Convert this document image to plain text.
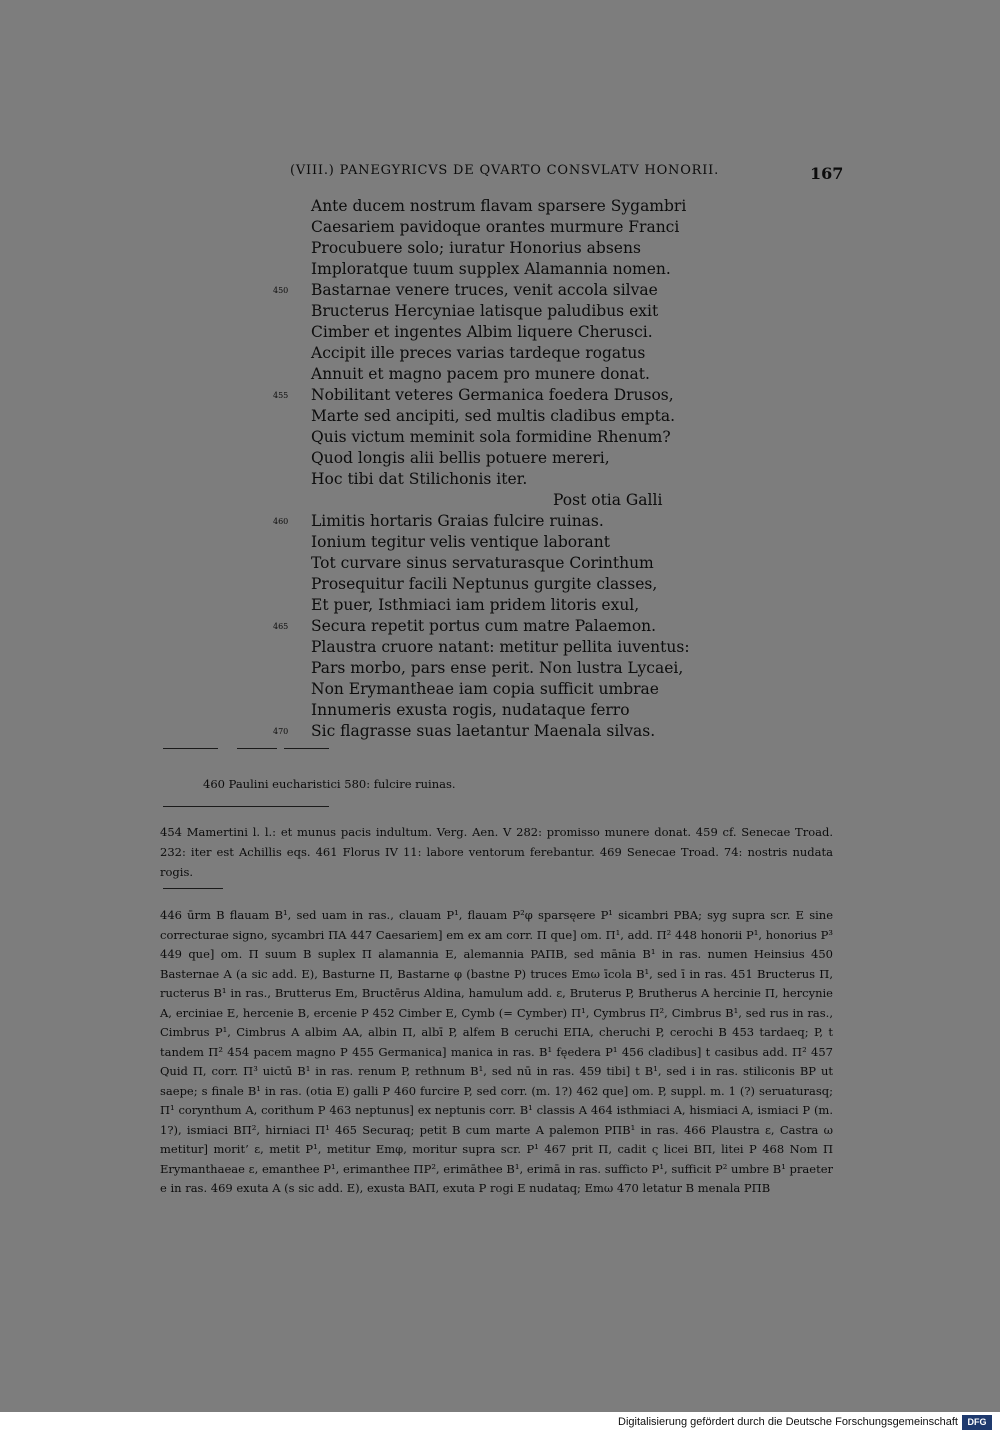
(VIII.) PANEGYRICVS DE QVARTO CONSVLATV HONORII.	167
Ante ducem nostrum flavam sparsere Sygambri
Caesariem pavidoque orantes murmure Franci
Procubuere solo; iuratur Honorius absens
Imploratque tuum supplex Alamannia nomen.
450 Bastarnae venere truces, venit accola silvae
Bructerus Hercyniae latisque paludibus exit
Cimber et ingentes Albim liquere Cherusci.
Accipit ille preces varias tardeque rogatus
Annuit et magno pacem pro munere donat.
455 Nobilitant veteres Germanica foedera Drusos,
Marte sed ancipiti, sed multis cladibus empta.
Quis victum meminit sola formidine Rhenum?
Quod longis alii bellis potuere mereri,
Hoc tibi dat Stilichonis iter.
Post otia Galli
460 Limitis hortaris Graias fulcire ruinas.
Ionium tegitur velis ventique laborant
Tot curvare sinus servaturasque Corinthum
Prosequitur facili Neptunus gurgite classes,
Et puer, Isthmiaci iam pridem litoris exul,
465 Secura repetit portus cum matre Palaemon.
Plaustra cruore natant: metitur pellita iuventus:
Pars morbo, pars ense perit. Non lustra Lycaei,
Non Erymantheae iam copia sufficit umbrae
Innumeris exusta rogis, nudataque ferro
470 Sic flagrasse suas laetantur Maenala silvas.
460 Paulini eucharistici 580: fulcire ruinas.
454 Mamertini l. l.: et munus pacis indultum. Verg. Aen. V 282: promisso munere donat. 459 cf. Senecae Troad. 232: iter est Achillis eqs. 461 Florus IV 11: labore ventorum ferebantur. 469 Senecae Troad. 74: nostris nudata rogis.
446 ūrm B flauam B¹, sed uam in ras., clauam P¹, flauam P²φ sparsęere P¹ sicambri PBA; syg supra scr. E sine correcturae signo, sycambri ΠA 447 Caesariem] em ex am corr. Π que] om. Π¹, add. Π² 448 honorii P¹, honorius P³ 449 que] om. Π suum B suplex Π alamannia E, alemannia PAΠB, sed mānia B¹ in ras. numen Heinsius 450 Basternae A (a sic add. E), Basturne Π, Bastarne φ (bastne P) truces Emω īcola B¹, sed ī in ras. 451 Bructerus Π, ructerus B¹ in ras., Brutterus Em, Bructērus Aldina, hamulum add. ε, Bruterus P, Brutherus A hercinie Π, hercynie A, erciniae E, hercenie B, ercenie P 452 Cimber E, Cymb (= Cymber) Π¹, Cymbrus Π², Cimbrus B¹, sed rus in ras., Cimbrus P¹, Cimbrus A albim AA, albin Π, albī P, alfem B ceruchi EΠA, cheruchi P, cerochi B 453 tardaeq; P, t tandem Π² 454 pacem magno P 455 Germanica] manica in ras. B¹ fęedera P¹ 456 cladibus] t casibus add. Π² 457 Quid Π, corr. Π³ uictū B¹ in ras. renum P, rethnum B¹, sed nū in ras. 459 tibi] t B¹, sed i in ras. stiliconis BP ut saepe; s finale B¹ in ras. (otia E) galli P 460 furcire P, sed corr. (m. 1?) 462 que] om. P, suppl. m. 1 (?) seruaturasq; Π¹ corynthum A, corithum P 463 neptunus] ex neptunis corr. B¹ classis A 464 isthmiaci A, hismiaci A, ismiaci P (m. 1?), ismiaci BΠ², hirniaci Π¹ 465 Securaq; petit B cum marte A palemon PΠB¹ in ras. 466 Plaustra ε, Castra ω metitur] morit’ ε, metit P¹, metitur Emφ, moritur supra scr. P¹ 467 prit Π, cadit ς licei BΠ, litei P 468 Nom Π Erymanthaeae ε, emanthee P¹, erimanthee ΠP², erimāthee B¹, erimā in ras. sufficto P¹, sufficit P² umbre B¹ praeter e in ras. 469 exuta A (s sic add. E), exusta BAΠ, exuta P rogi E nudataq; Emω 470 letatur B menala PΠB
Digitalisierung gefördert durch die Deutsche Forschungsgemeinschaft	DFG
